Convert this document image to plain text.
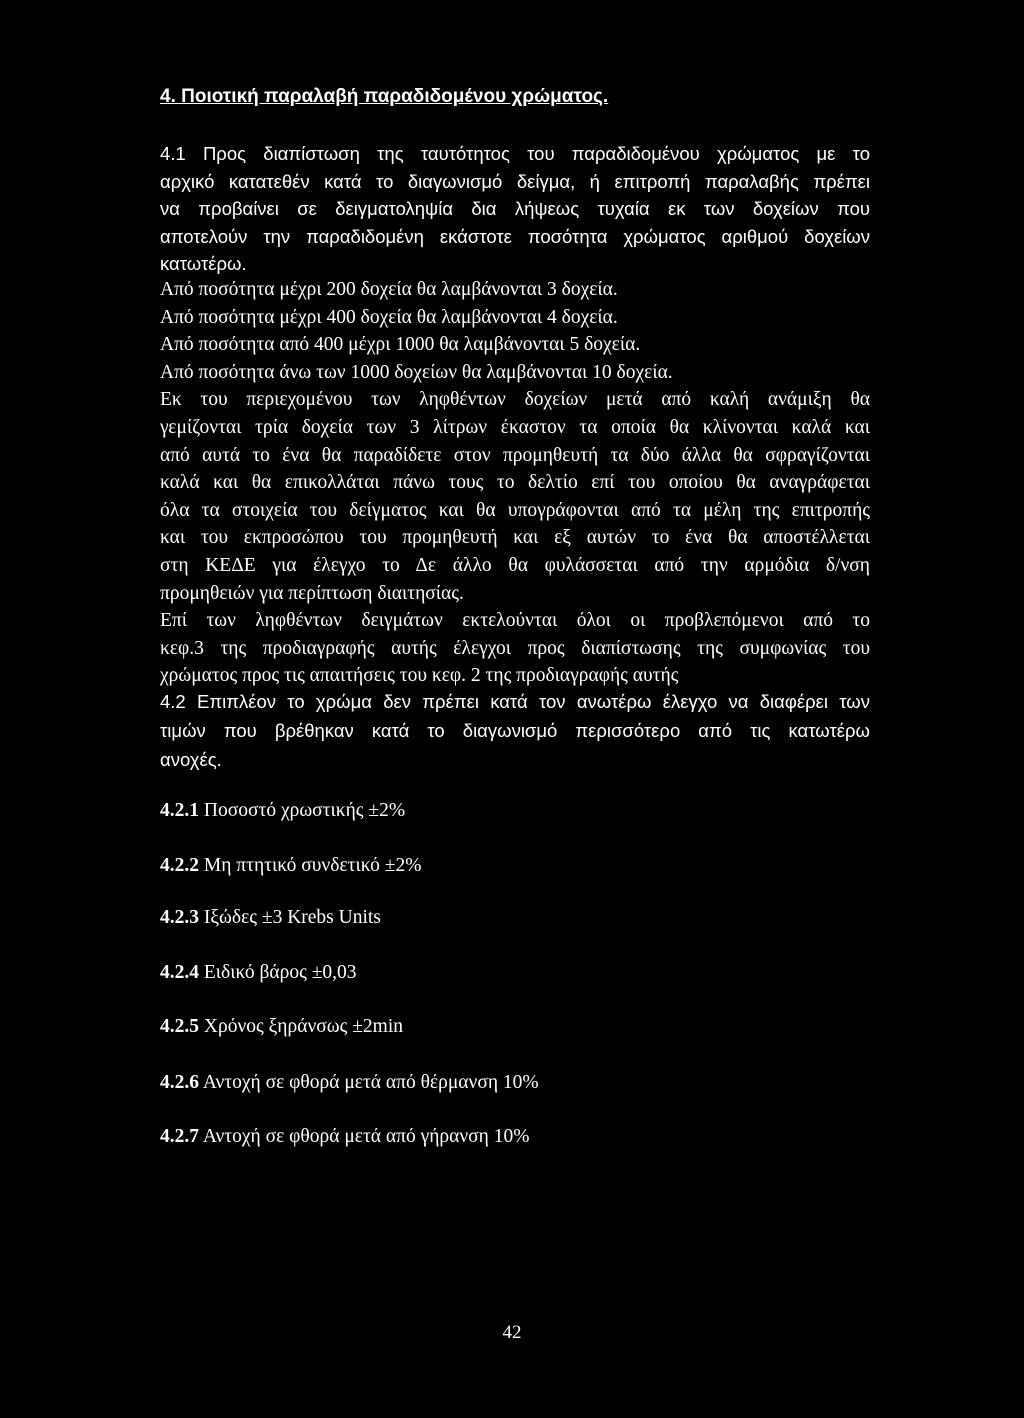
4. Ποιοτική παραλαβή παραδιδομένου χρώματος.
4.1 Προς διαπίστωση της ταυτότητος του παραδιδομένου χρώματος με το
αρχικό κατατεθέν κατά το διαγωνισμό δείγμα, ή επιτροπή παραλαβής πρέπει
να προβαίνει σε δειγματοληψία δια λήψεως τυχαία εκ των δοχείων που
αποτελούν την παραδιδομένη εκάστοτε ποσότητα χρώματος αριθμού δοχείων
κατωτέρω.
Από ποσότητα μέχρι 200 δοχεία θα λαμβάνονται 3 δοχεία.
Από ποσότητα μέχρι 400 δοχεία θα λαμβάνονται 4 δοχεία.
Από ποσότητα από 400 μέχρι 1000 θα λαμβάνονται 5 δοχεία.
Από ποσότητα άνω των 1000 δοχείων θα λαμβάνονται 10 δοχεία.
Εκ του περιεχομένου των ληφθέντων δοχείων μετά από καλή ανάμιξη θα
γεμίζονται τρία δοχεία των 3 λίτρων έκαστον τα οποία θα κλίνονται καλά και
από αυτά το ένα θα παραδίδετε στον προμηθευτή τα δύο άλλα θα σφραγίζονται
καλά και θα επικολλάται πάνω τους το δελτίο επί του οποίου θα αναγράφεται
όλα τα στοιχεία του δείγματος και θα υπογράφονται από τα μέλη της επιτροπής
και του εκπροσώπου του προμηθευτή και εξ αυτών το ένα θα αποστέλλεται
στη ΚΕΔΕ για έλεγχο το Δε άλλο θα φυλάσσεται από την αρμόδια δ/νση
προμηθειών για περίπτωση διαιτησίας.
Επί των ληφθέντων δειγμάτων εκτελούνται όλοι οι προβλεπόμενοι από το
κεφ.3 της προδιαγραφής αυτής έλεγχοι προς διαπίστωσης της συμφωνίας του
χρώματος προς τις απαιτήσεις του κεφ. 2 της προδιαγραφής αυτής
4.2 Επιπλέον το χρώμα δεν πρέπει κατά τον ανωτέρω έλεγχο να διαφέρει των
τιμών που βρέθηκαν κατά το διαγωνισμό περισσότερο από τις κατωτέρω
ανοχές.
4.2.1 Ποσοστό χρωστικής ±2%
4.2.2 Μη πτητικό συνδετικό ±2%
4.2.3 Ιξώδες ±3 Krebs Units
4.2.4 Ειδικό βάρος ±0,03
4.2.5 Χρόνος ξηράνσως ±2min
4.2.6 Αντοχή σε φθορά μετά από θέρμανση 10%
4.2.7 Αντοχή σε φθορά μετά από γήρανση 10%
42
